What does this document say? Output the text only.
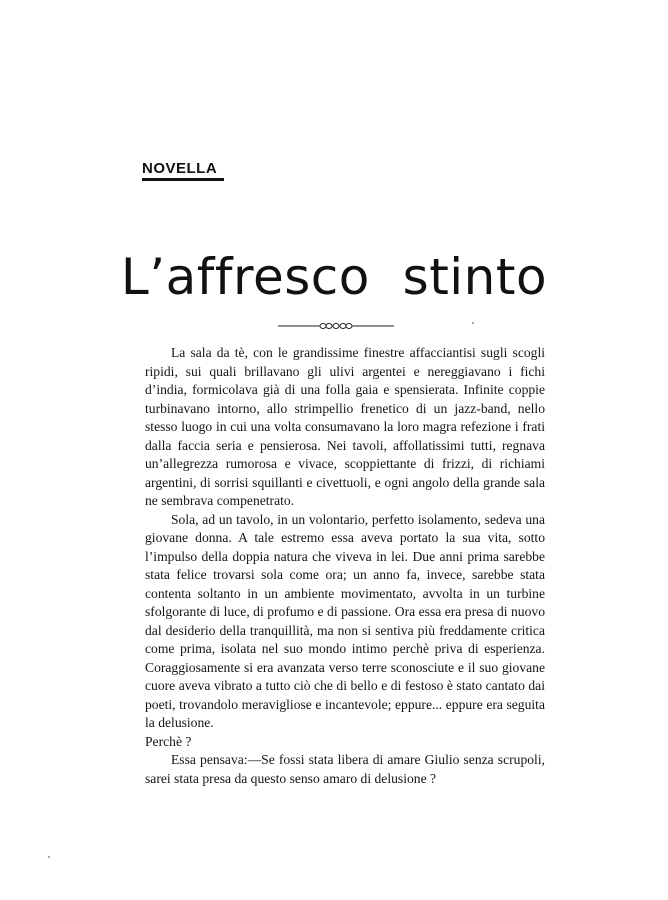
NOVELLA
L’affresco  stinto

La sala da tè, con le grandissime finestre affacciantisi sugli scogli ripidi, sui quali brillavano gli ulivi argentei e nereggiavano i fichi d’india, formicolava già di una folla gaia e spensierata. Infinite coppie turbinavano intorno, allo strimpellio frenetico di un jazz-band, nello stesso luogo in cui una volta consumavano la loro magra refezione i frati dalla faccia seria e pensierosa. Nei tavoli, affollatissimi tutti, regnava un’allegrezza rumorosa e vivace, scoppiettante di frizzi, di richiami argentini, di sorrisi squillanti e civettuoli, e ogni angolo della grande sala ne sembrava compenetrato.

Sola, ad un tavolo, in un volontario, perfetto isolamento, sedeva una giovane donna. A tale estremo essa aveva portato la sua vita, sotto l’impulso della doppia natura che viveva in lei. Due anni prima sarebbe stata felice trovarsi sola come ora; un anno fa, invece, sarebbe stata contenta soltanto in un ambiente movimentato, avvolta in un turbine sfolgorante di luce, di profumo e di passione. Ora essa era presa di nuovo dal desiderio della tranquillità, ma non si sentiva più freddamente critica come prima, isolata nel suo mondo intimo perchè priva di esperienza. Coraggiosamente si era avanzata verso terre sconosciute e il suo giovane cuore aveva vibrato a tutto ciò che di bello e di festoso è stato cantato dai poeti, trovandolo meravigliose e incantevole; eppure... eppure era seguita la delusione.

Perchè ?

Essa pensava:—Se fossi stata libera di amare Giulio senza scrupoli, sarei stata presa da questo senso amaro di delusione ?
